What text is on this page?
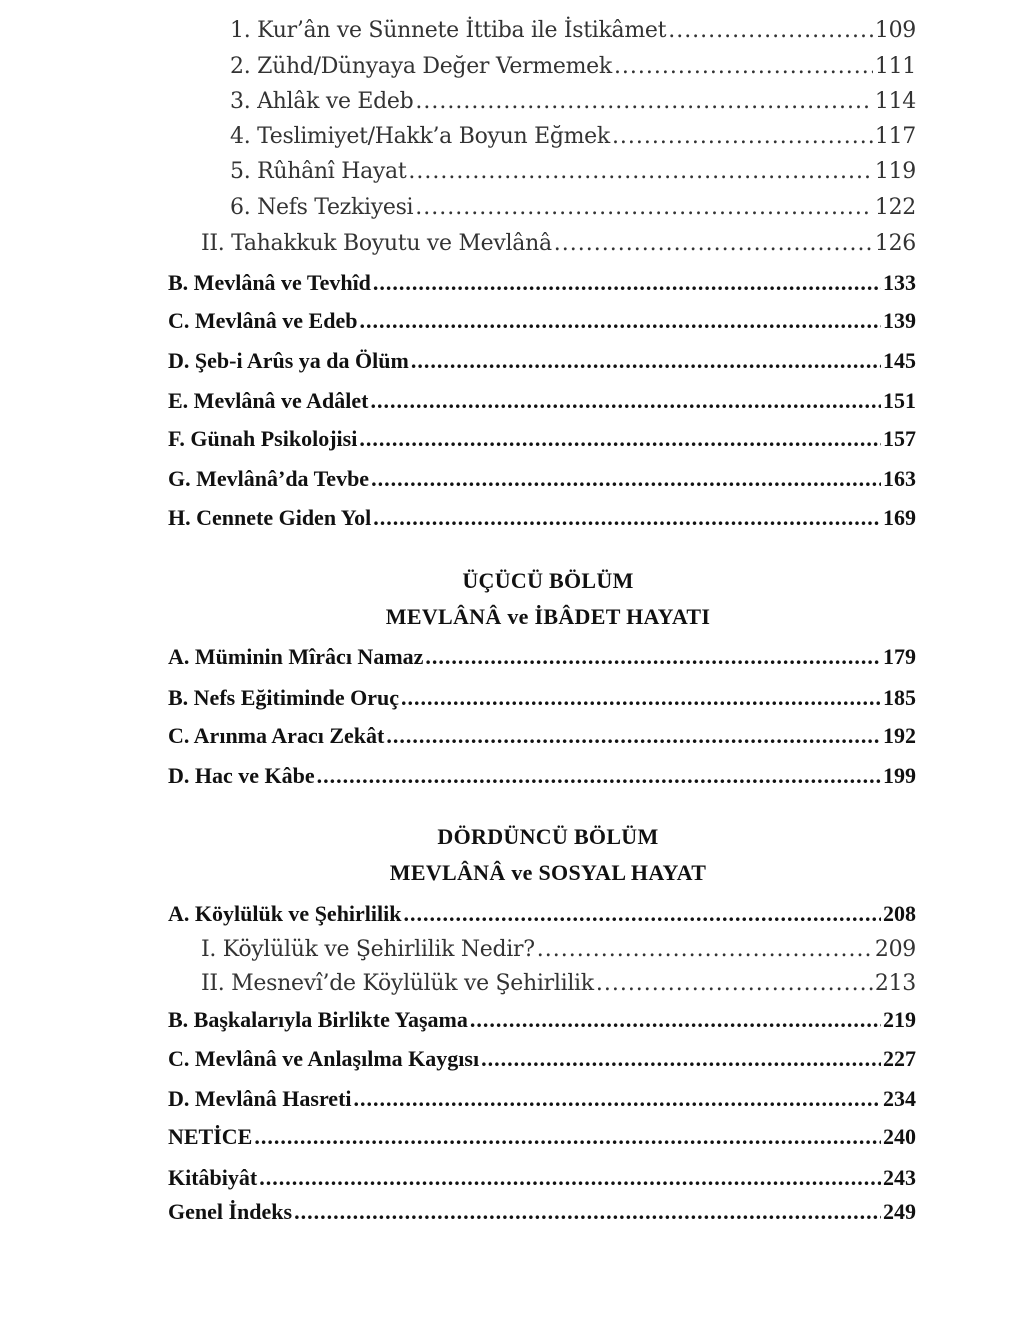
1. Kur’ân ve Sünnete İttiba ile İstikâmet .....	109
2. Zühd/Dünyaya Değer Vermemek .....	111
3. Ahlâk ve Edeb .....	114
4. Teslimiyet/Hakk’a Boyun Eğmek .....	117
5. Rûhânî Hayat .....	119
6. Nefs Tezkiyesi .....	122
II. Tahakkuk Boyutu ve Mevlânâ .....	126
B. Mevlânâ ve Tevhîd .....	133
C. Mevlânâ ve Edeb .....	139
D. Şeb-i Arûs ya da Ölüm .....	145
E. Mevlânâ ve Adâlet .....	151
F. Günah Psikolojisi .....	157
G. Mevlânâ’da Tevbe .....	163
H. Cennete Giden Yol .....	169
ÜÇÜCÜ BÖLÜM
MEVLÂNÂ ve İBÂDET HAYATI
A. Müminin Mîrâcı Namaz .....	179
B. Nefs Eğitiminde Oruç .....	185
C. Arınma Aracı Zekât .....	192
D. Hac ve Kâbe .....	199
DÖRDÜNCÜ BÖLÜM
MEVLÂNÂ ve SOSYAL HAYAT
A. Köylülük ve Şehirlilik .....	208
I. Köylülük ve Şehirlilik Nedir? .....	209
II. Mesnevî’de Köylülük ve Şehirlilik .....	213
B. Başkalarıyla Birlikte Yaşama .....	219
C. Mevlânâ ve Anlaşılma Kaygısı .....	227
D. Mevlânâ Hasreti .....	234
NETİCE .....	240
Kitâbiyât .....	243
Genel İndeks .....	249
